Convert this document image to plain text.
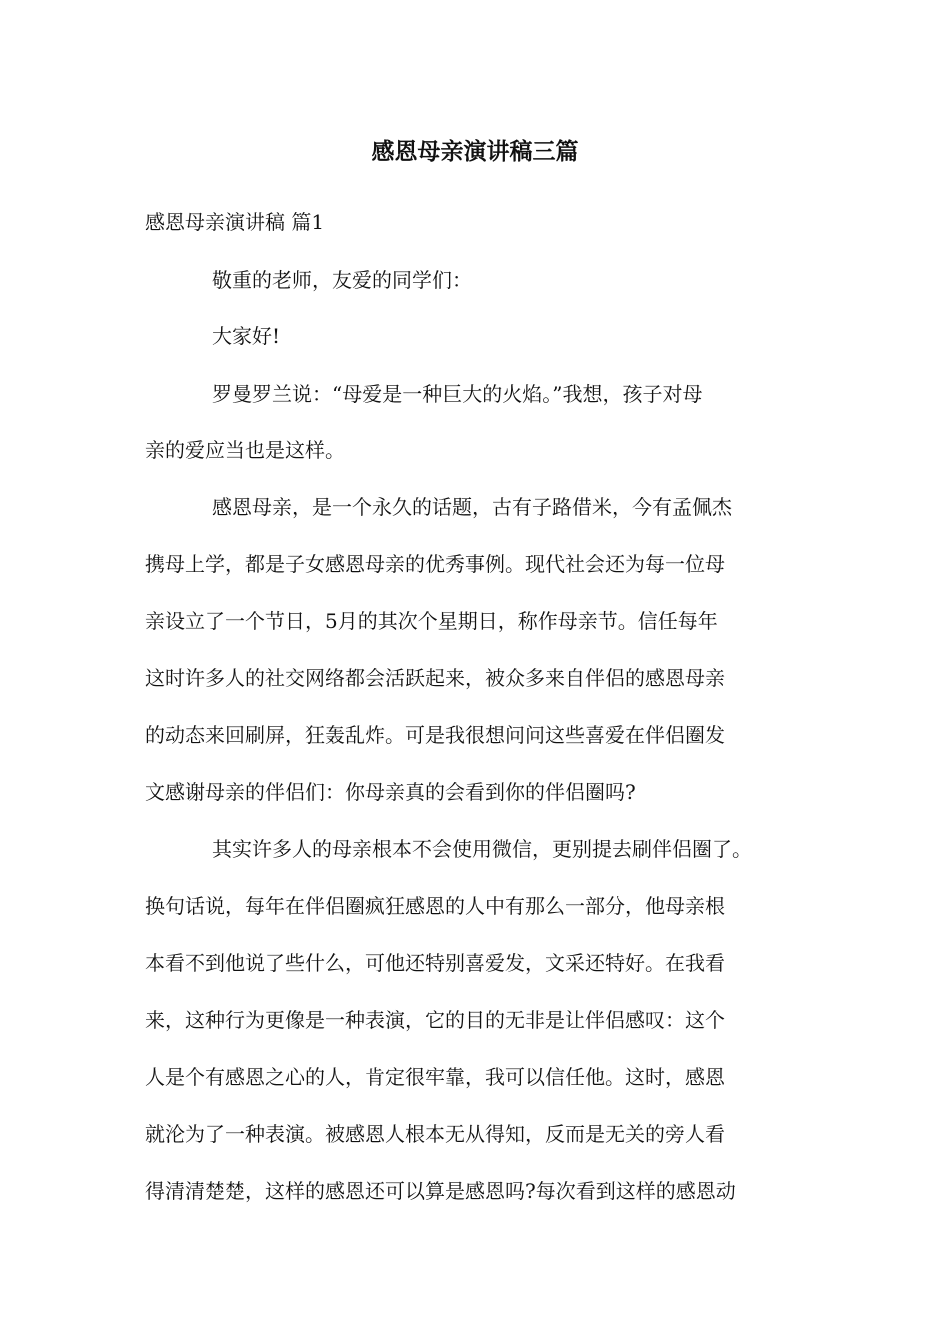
感恩母亲演讲稿三篇
感恩母亲演讲稿 篇1
敬重的老师，友爱的同学们：
大家好!
罗曼罗兰说：“母爱是一种巨大的火焰。”我想，孩子对母
亲的爱应当也是这样。
感恩母亲，是一个永久的话题，古有子路借米，今有孟佩杰
携母上学，都是子女感恩母亲的优秀事例。现代社会还为每一位母
亲设立了一个节日，5月的其次个星期日，称作母亲节。信任每年
这时许多人的社交网络都会活跃起来，被众多来自伴侣的感恩母亲
的动态来回刷屏，狂轰乱炸。可是我很想问问这些喜爱在伴侣圈发
文感谢母亲的伴侣们：你母亲真的会看到你的伴侣圈吗?
其实许多人的母亲根本不会使用微信，更别提去刷伴侣圈了。
换句话说，每年在伴侣圈疯狂感恩的人中有那么一部分，他母亲根
本看不到他说了些什么，可他还特别喜爱发，文采还特好。在我看
来，这种行为更像是一种表演，它的目的无非是让伴侣感叹：这个
人是个有感恩之心的人，肯定很牢靠，我可以信任他。这时，感恩
就沦为了一种表演。被感恩人根本无从得知，反而是无关的旁人看
得清清楚楚，这样的感恩还可以算是感恩吗?每次看到这样的感恩动
